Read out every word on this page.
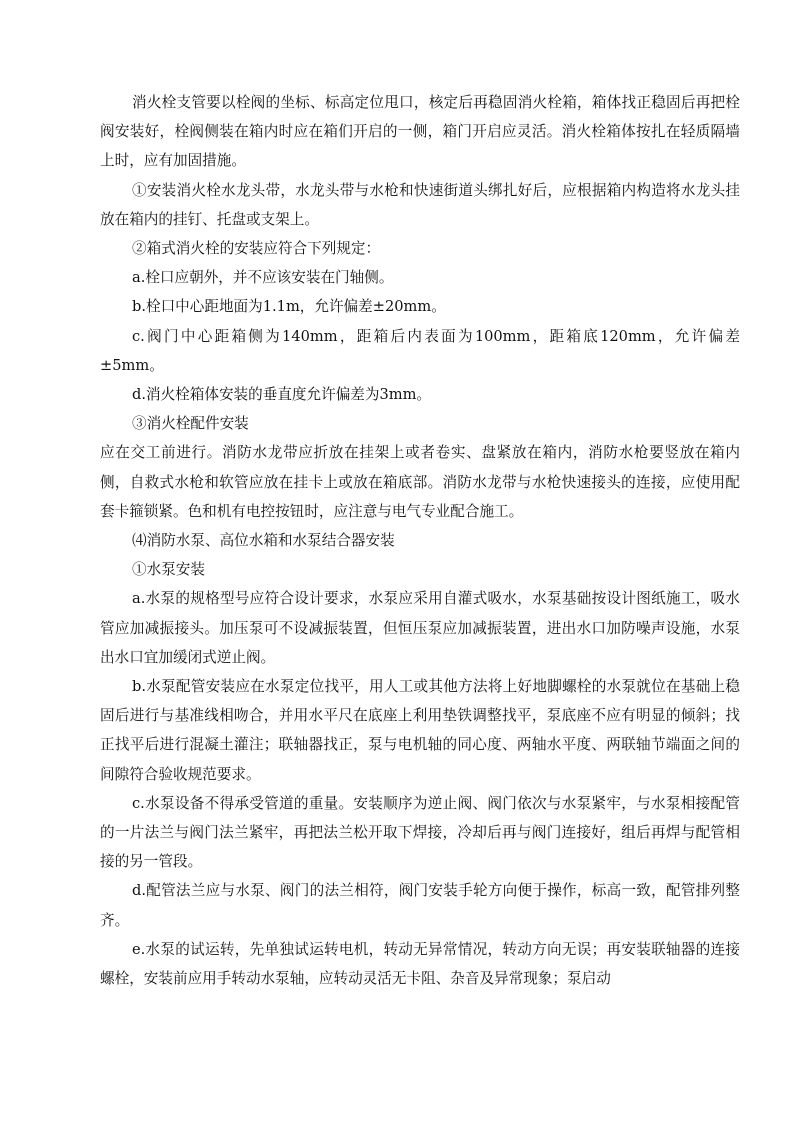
消火栓支管要以栓阀的坐标、标高定位甩口，核定后再稳固消火栓箱，箱体找正稳固后再把栓阀安装好，栓阀侧装在箱内时应在箱们开启的一侧，箱门开启应灵活。消火栓箱体按扎在轻质隔墙上时，应有加固措施。

①安装消火栓水龙头带，水龙头带与水枪和快速街道头绑扎好后，应根据箱内构造将水龙头挂放在箱内的挂钉、托盘或支架上。

②箱式消火栓的安装应符合下列规定：

a.栓口应朝外，并不应该安装在门轴侧。

b.栓口中心距地面为1.1m，允许偏差±20mm。

c.阀门中心距箱侧为140mm，距箱后内表面为100mm，距箱底120mm，允许偏差±5mm。

d.消火栓箱体安装的垂直度允许偏差为3mm。

③消火栓配件安装

应在交工前进行。消防水龙带应折放在挂架上或者卷实、盘紧放在箱内，消防水枪要竖放在箱内侧，自救式水枪和软管应放在挂卡上或放在箱底部。消防水龙带与水枪快速接头的连接，应使用配套卡箍锁紧。色和机有电控按钮时，应注意与电气专业配合施工。

⑷消防水泵、高位水箱和水泵结合器安装

①水泵安装

a.水泵的规格型号应符合设计要求，水泵应采用自灌式吸水，水泵基础按设计图纸施工，吸水管应加减振接头。加压泵可不设减振装置，但恒压泵应加减振装置，进出水口加防噪声设施，水泵出水口宜加缓闭式逆止阀。

b.水泵配管安装应在水泵定位找平，用人工或其他方法将上好地脚螺栓的水泵就位在基础上稳固后进行与基准线相吻合，并用水平尺在底座上利用垫铁调整找平，泵底座不应有明显的倾斜；找正找平后进行混凝土灌注；联轴器找正，泵与电机轴的同心度、两轴水平度、两联轴节端面之间的间隙符合验收规范要求。

c.水泵设备不得承受管道的重量。安装顺序为逆止阀、阀门依次与水泵紧牢，与水泵相接配管的一片法兰与阀门法兰紧牢，再把法兰松开取下焊接，冷却后再与阀门连接好，组后再焊与配管相接的另一管段。

d.配管法兰应与水泵、阀门的法兰相符，阀门安装手轮方向便于操作，标高一致，配管排列整齐。

e.水泵的试运转，先单独试运转电机，转动无异常情况，转动方向无误；再安装联轴器的连接螺栓，安装前应用手转动水泵轴，应转动灵活无卡阻、杂音及异常现象；泵启动
